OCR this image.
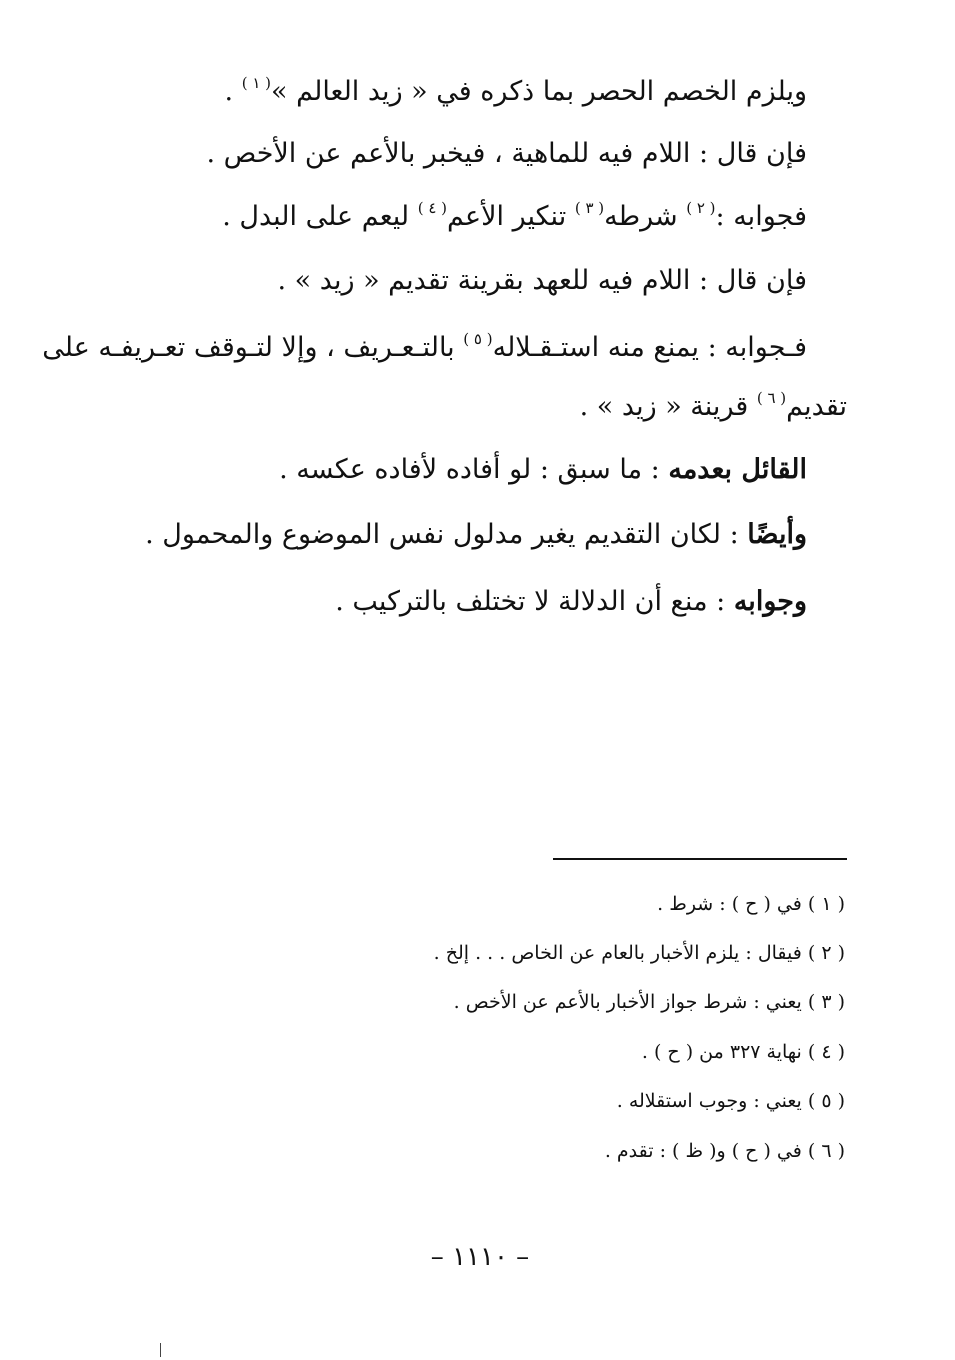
ويلزم الخصم الحصر بما ذكره في « زيد العالم »$^{( ١ )}$ .
فإن قال : اللام فيه للماهية ، فيخبر بالأعم عن الأخص .
فجوابه :$^{( ٢ )}$ شرطه$^{( ٣ )}$ تنكير الأعم$^{( ٤ )}$ ليعم على البدل .
فإن قال : اللام فيه للعهد بقرينة تقديم « زيد » .
فـجوابه : يمنع منه استـقـلاله$^{( ٥ )}$ بالتـعـريف ، وإلا لتـوقف تعـريفـه على
تقديم$^{( ٦ )}$ قرينة « زيد » .
القائل بعدمه : ما سبق : لو أفاده لأفاده عكسه .
وأيضًا : لكان التقديم يغير مدلول نفس الموضوع والمحمول .
وجوابه : منع أن الدلالة لا تختلف بالتركيب .
( ١ ) في ( ح ) : شرط .
( ٢ ) فيقال : يلزم الأخبار بالعام عن الخاص . . . إلخ .
( ٣ ) يعني : شرط جواز الأخبار بالأعم عن الأخص .
( ٤ ) نهاية ٣٢٧ من ( ح ) .
( ٥ ) يعني : وجوب استقلاله .
( ٦ ) في ( ح ) و( ظ ) : تقدم .
– ١١١٠ –
